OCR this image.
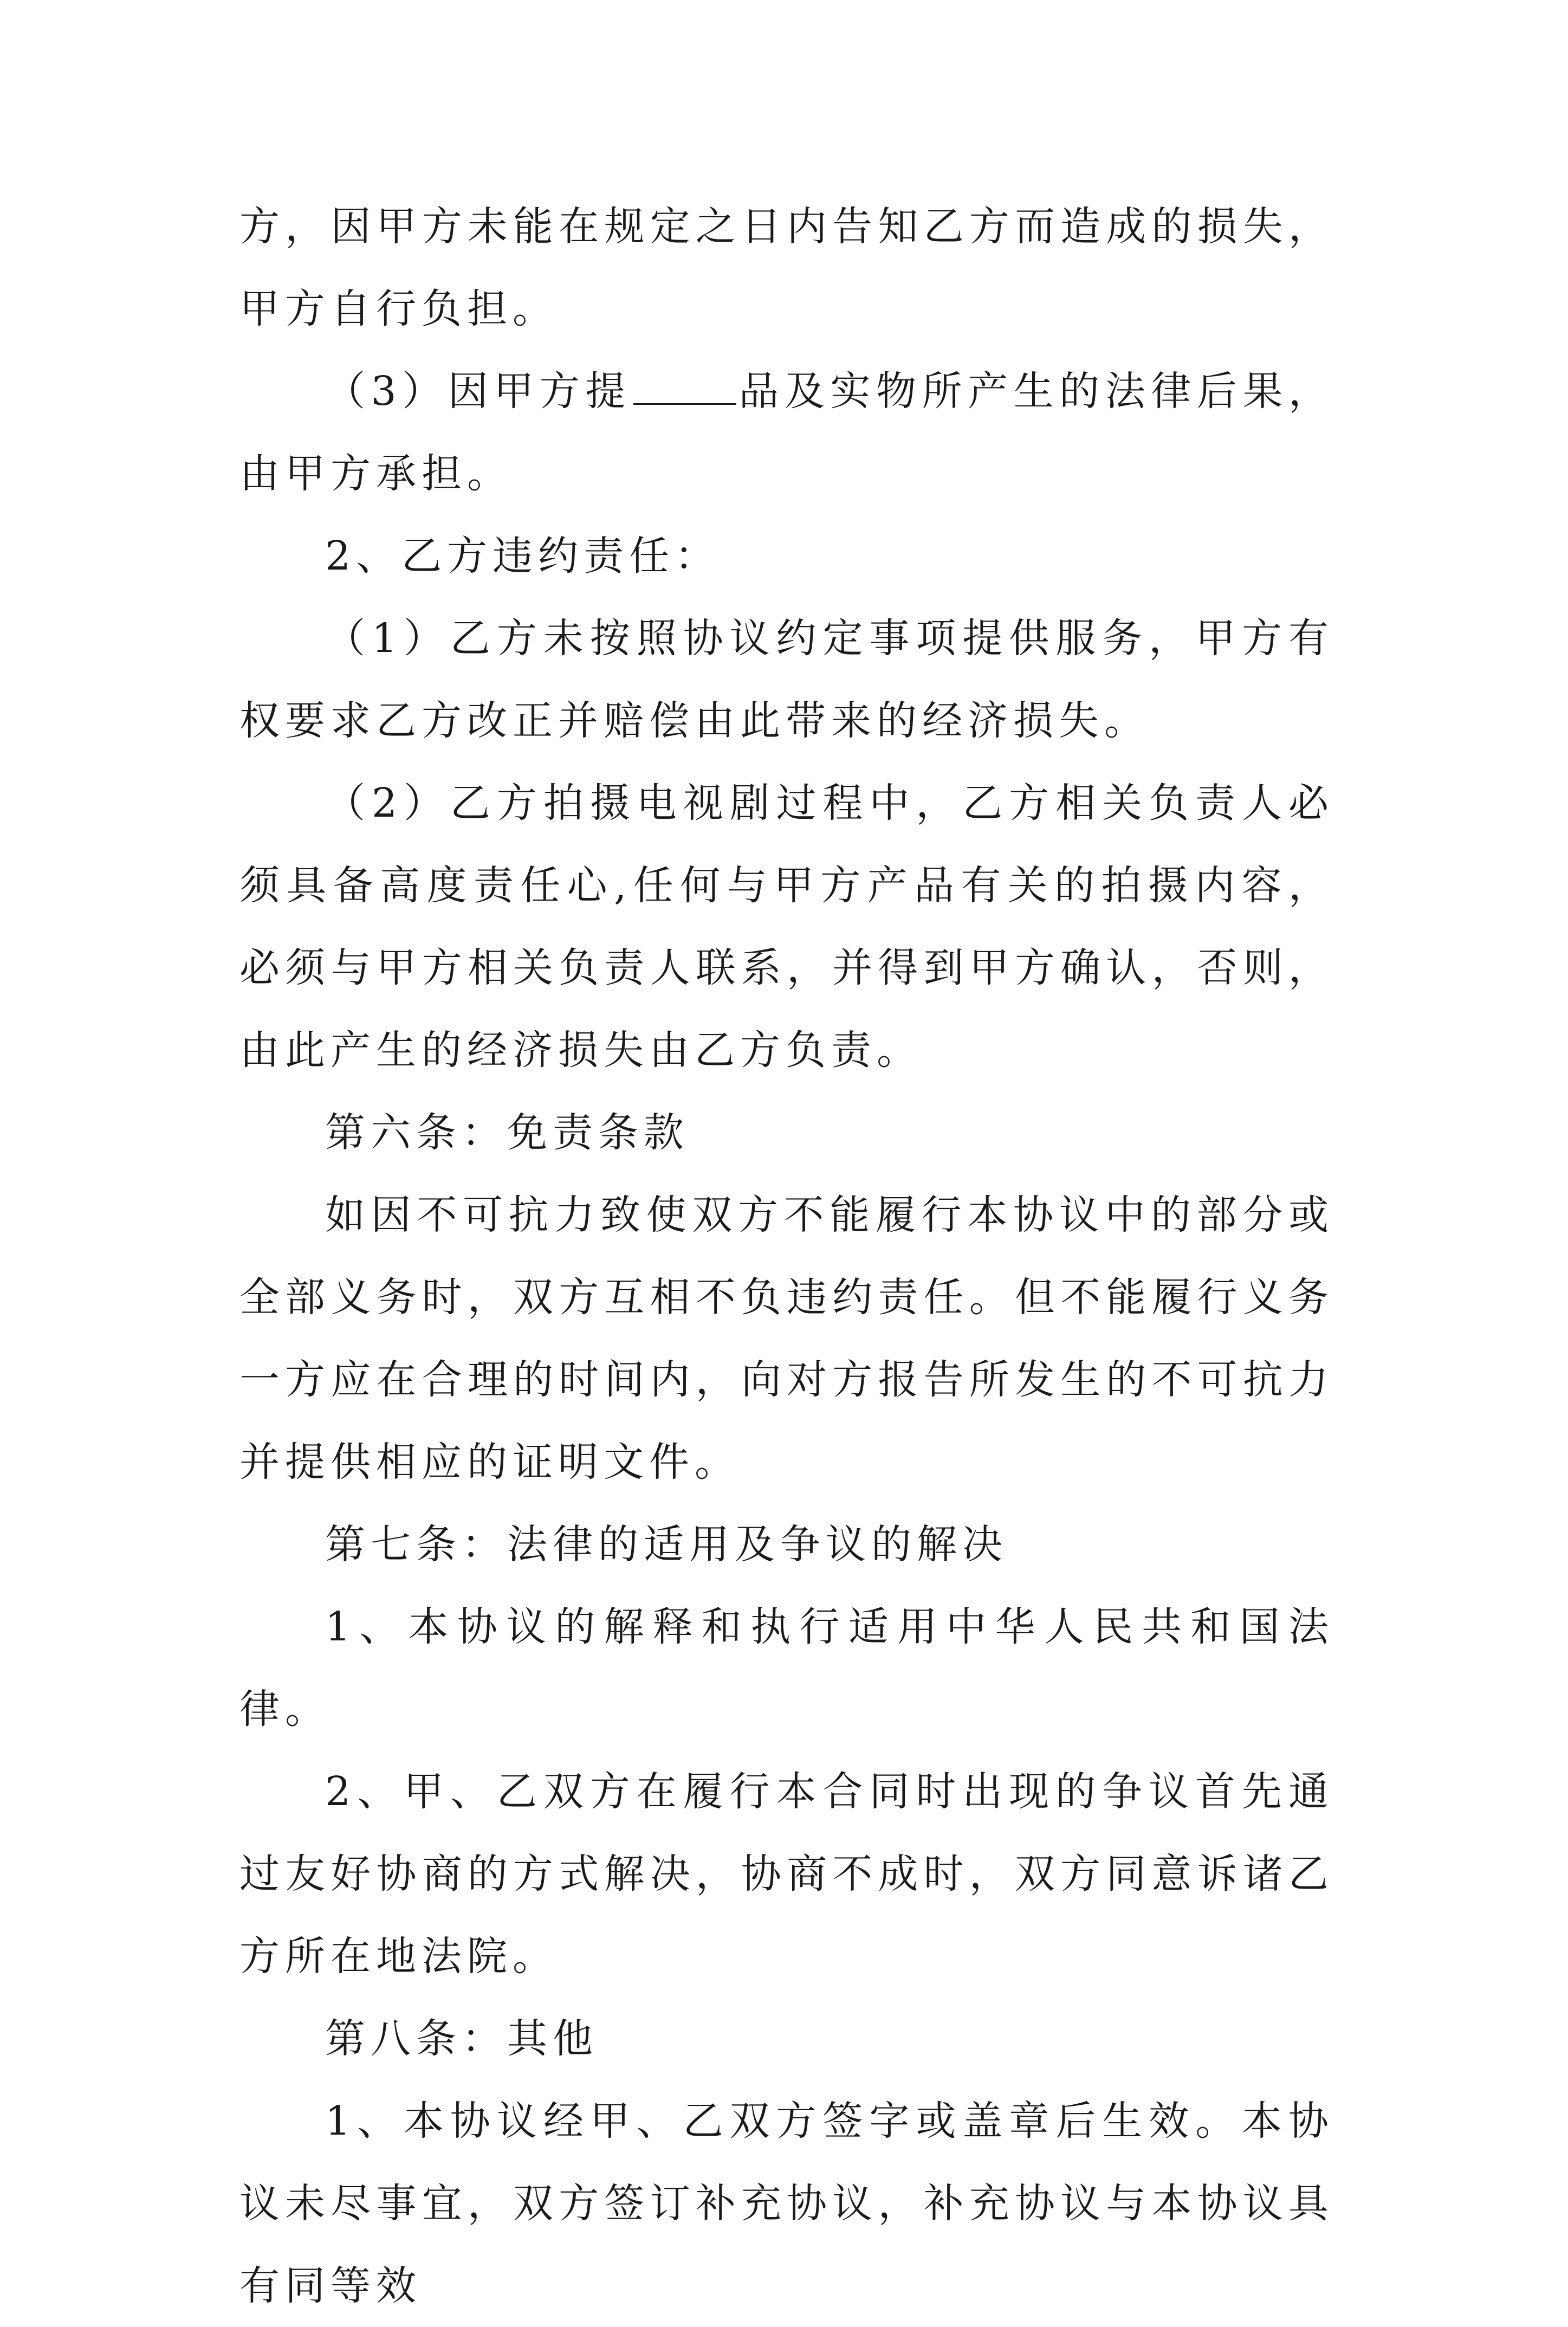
方，因甲方未能在规定之日内告知乙方而造成的损失，甲方自行负担。

（3）因甲方提	品及实物所产生的法律后果，由甲方承担。

2、乙方违约责任：

（1）乙方未按照协议约定事项提供服务，甲方有权要求乙方改正并赔偿由此带来的经济损失。

（2）乙方拍摄电视剧过程中，乙方相关负责人必须具备高度责任心,任何与甲方产品有关的拍摄内容，必须与甲方相关负责人联系，并得到甲方确认，否则，由此产生的经济损失由乙方负责。

第六条：免责条款

如因不可抗力致使双方不能履行本协议中的部分或全部义务时，双方互相不负违约责任。但不能履行义务一方应在合理的时间内，向对方报告所发生的不可抗力并提供相应的证明文件。

第七条：法律的适用及争议的解决

1、本协议的解释和执行适用中华人民共和国法律。

2、甲、乙双方在履行本合同时出现的争议首先通过友好协商的方式解决，协商不成时，双方同意诉诸乙方所在地法院。

第八条：其他

1、本协议经甲、乙双方签字或盖章后生效。本协议未尽事宜，双方签订补充协议，补充协议与本协议具有同等效
